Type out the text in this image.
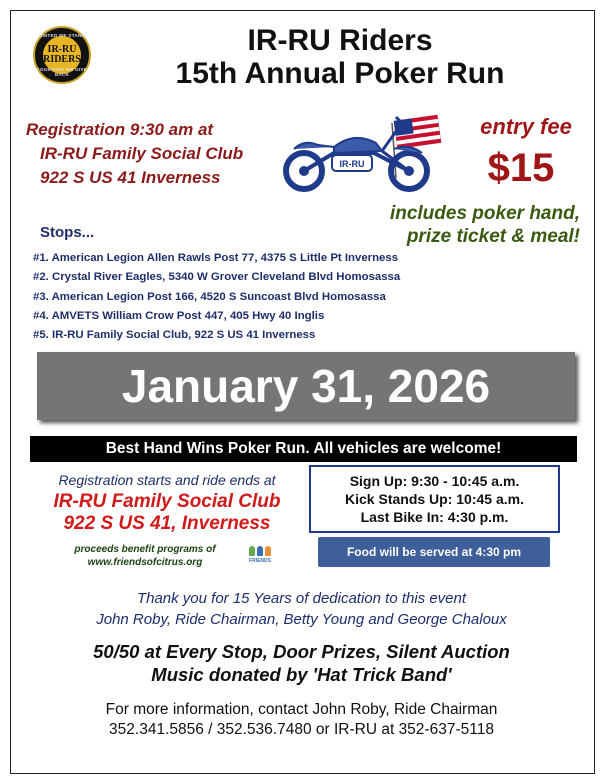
UNITED WE STAND
IR-RU
RIDERS
TOGETHER WE GIVE BACK
IR-RU Riders
15th Annual Poker Run
Registration 9:30 am at
IR-RU Family Social Club
922 S US 41 Inverness
IR-RU
entry fee
$15
includes poker hand,
prize ticket & meal!
Stops...
#1. American Legion Allen Rawls Post 77, 4375 S Little Pt Inverness
#2. Crystal River Eagles, 5340 W Grover Cleveland Blvd Homosassa
#3. American Legion Post 166, 4520 S Suncoast Blvd Homosassa
#4. AMVETS William Crow Post 447, 405 Hwy 40 Inglis
#5. IR-RU Family Social Club, 922 S US 41 Inverness
January 31, 2026
Best Hand Wins Poker Run. All vehicles are welcome!
Registration starts and ride ends at
IR-RU Family Social Club
922 S US 41, Inverness
proceeds benefit programs of
www.friendsofcitrus.org	FRIENDS
Sign Up: 9:30 - 10:45 a.m.
Kick Stands Up: 10:45 a.m.
Last Bike In: 4:30 p.m.
Food will be served at 4:30 pm
Thank you for 15 Years of dedication to this event
John Roby, Ride Chairman, Betty Young and George Chaloux
50/50 at Every Stop, Door Prizes, Silent Auction
Music donated by 'Hat Trick Band'
For more information, contact John Roby, Ride Chairman
352.341.5856 / 352.536.7480 or IR-RU at 352-637-5118
